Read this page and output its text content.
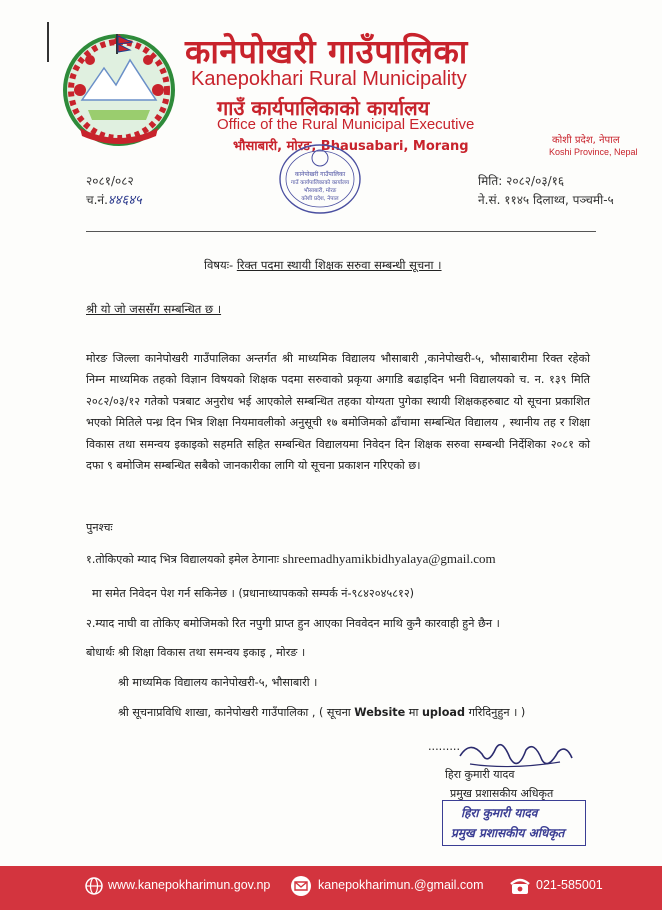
कानेपोखरी गाउँपालिका
Kanepokhari Rural Municipality
गाउँ कार्यपालिकाको कार्यालय
Office of the Rural Municipal Executive
भौसाबारी, मोरङ, Bhausabari, Morang	कोशी प्रदेश, नेपाल
Koshi Province, Nepal
२०८१/०८२
च.नं.४४६४५
मिति: २०८२/०३/१६
ने.सं. ११४५ दिलाथ्व, पञ्चमी-५
कानेपोखरी गाउँपालिका
गाउँ कार्यपालिकाको कार्यालय
भौसाबारी, मोरङ
कोशी प्रदेश, नेपाल
विषयः- रिक्त पदमा स्थायी शिक्षक सरुवा सम्बन्धी सूचना ।
श्री यो जो जससँग सम्बन्धित छ ।
मोरङ जिल्ला कानेपोखरी गाउँपालिका अन्तर्गत श्री माध्यमिक विद्यालय भौसाबारी ,कानेपोखरी-५, भौसाबारीमा रिक्त रहेको निम्न माध्यमिक तहको विज्ञान विषयको शिक्षक पदमा सरुवाको प्रकृया अगाडि बढाइदिन भनी विद्यालयको च. न. १३९ मिति २०८२/०३/१२ गतेको पत्रबाट अनुरोध भई आएकोले सम्बन्धित तहका योग्यता पुगेका स्थायी शिक्षकहरुबाट यो सूचना प्रकाशित भएको मितिले पन्ध्र दिन भित्र शिक्षा नियमावलीको अनुसूची १७ बमोजिमको ढाँचामा सम्बन्धित विद्यालय , स्थानीय तह र शिक्षा विकास तथा समन्वय इकाइको सहमति सहित सम्बन्धित विद्यालयमा निवेदन दिन शिक्षक सरुवा सम्बन्धी निर्देशिका २०८१ को दफा ९ बमोजिम सम्बन्धित सबैको जानकारीका लागि यो सूचना प्रकाशन गरिएको छ।
पुनश्चः
१.तोकिएको म्याद भित्र विद्यालयको इमेल ठेगानाः shreemadhyamikbidhyalaya@gmail.com
मा समेत निवेदन पेश गर्न सकिनेछ । (प्रधानाध्यापकको सम्पर्क नं-९८४२०४५८१२)
२.म्याद नाघी वा तोकिए बमोजिमको रित नपुगी प्राप्त हुन आएका निववेदन माथि कुनै कारवाही हुने छैन ।
बोधार्थः श्री शिक्षा विकास तथा समन्वय इकाइ , मोरङ ।
श्री माध्यमिक विद्यालय कानेपोखरी-५, भौसाबारी ।
श्री सूचनाप्रविधि शाखा, कानेपोखरी गाउँपालिका , ( सूचना Website मा upload गरिदिनुहुन । )
.........
हिरा कुमारी यादव
प्रमुख प्रशासकीय अधिकृत
हिरा कुमारी यादव
प्रमुख प्रशासकीय अधिकृत
www.kanepokharimun.gov.np	kanepokharimun.@gmail.com	021-585001
